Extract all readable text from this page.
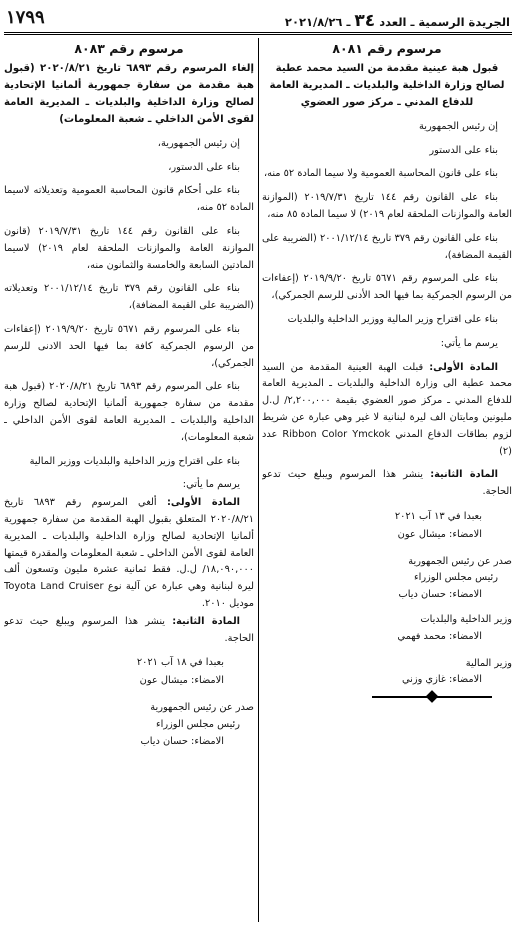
الجريدة الرسمية ـ العدد ٣٤ ـ ٢٠٢١/٨/٢٦
١٧٩٩
مرسوم رقم ٨٠٨١
قبول هبة عينية مقدمة من السيد محمد عطية لصالح وزارة الداخلية والبلديات ـ المديرية العامة للدفاع المدني ـ مركز صور العضوي

إن رئيس الجمهورية

بناء على الدستور

بناء على قانون المحاسبة العمومية ولا سيما المادة ٥٢ منه،

بناء على القانون رقم ١٤٤ تاريخ ٢٠١٩/٧/٣١ (الموازنة العامة والموازنات الملحقة لعام ٢٠١٩) لا سيما المادة ٨٥ منه،

بناء على القانون رقم ٣٧٩ تاريخ ٢٠٠١/١٢/١٤ (الضريبة على القيمة المضافة)،

بناء على المرسوم رقم ٥٦٧١ تاريخ ٢٠١٩/٩/٢٠ (إعفاءات من الرسوم الجمركية بما فيها الحد الأدنى للرسم الجمركي)،

بناء على اقتراح وزير المالية ووزير الداخلية والبلديات

يرسم ما يأتي:

المادة الأولى: قبلت الهبة العينية المقدمة من السيد محمد عطية الى وزارة الداخلية والبلديات ـ المديرية العامة للدفاع المدني ـ مركز صور العضوي بقيمة ٢,٢٠٠,٠٠٠/ ل.ل مليونين ومايتان الف ليرة لبنانية لا غير وهي عبارة عن شريط لزوم بطاقات الدفاع المدني Ribbon Color Ymckok عدد (٢)

المادة الثانية: ينشر هذا المرسوم ويبلغ حيث تدعو الحاجة.

بعبدا في ١٣ آب ٢٠٢١

الامضاء: ميشال عون

صدر عن رئيس الجمهورية

رئيس مجلس الوزراء

الامضاء: حسان دياب

وزير الداخلية والبلديات

الامضاء: محمد فهمي

وزير المالية

الامضاء: غازي وزني

مرسوم رقم ٨٠٨٣
إلغاء المرسوم رقم ٦٨٩٣ تاريخ ٢٠٢٠/٨/٢١ (قبول هبة مقدمة من سفارة جمهورية ألمانيا الإتحادية لصالح وزارة الداخلية والبلديات ـ المديرية العامة لقوى الأمن الداخلي ـ شعبة المعلومات)

إن رئيس الجمهورية،

بناء على الدستور،

بناء على أحكام قانون المحاسبة العمومية وتعديلاته لاسيما المادة ٥٢ منه،

بناء على القانون رقم ١٤٤ تاريخ ٢٠١٩/٧/٣١ (قانون الموازنة العامة والموازنات الملحقة لعام ٢٠١٩) لاسيما المادتين السابعة والخامسة والثمانون منه،

بناء على القانون رقم ٣٧٩ تاريخ ٢٠٠١/١٢/١٤ وتعديلاته (الضريبة على القيمة المضافة)،

بناء على المرسوم رقم ٥٦٧١ تاريخ ٢٠١٩/٩/٢٠ (إعفاءات من الرسوم الجمركية كافة بما فيها الحد الادنى للرسم الجمركي)،

بناء على المرسوم رقم ٦٨٩٣ تاريخ ٢٠٢٠/٨/٢١ (قبول هبة مقدمة من سفارة جمهورية ألمانيا الإتحادية لصالح وزارة الداخلية والبلديات ـ المديرية العامة لقوى الأمن الداخلي ـ شعبة المعلومات)،

بناء على اقتراح وزير الداخلية والبلديات ووزير المالية

يرسم ما يأتي:

المادة الأولى: ألغي المرسوم رقم ٦٨٩٣ تاريخ ٢٠٢٠/٨/٢١ المتعلق بقبول الهبة المقدمة من سفارة جمهورية ألمانيا الإتحادية لصالح وزارة الداخلية والبلديات ـ المديرية العامة لقوى الأمن الداخلي ـ شعبة المعلومات والمقدرة قيمتها ١٨,٠٩٠,٠٠٠/ ل.ل. فقط ثمانية عشرة مليون وتسعون ألف ليرة لبنانية وهي عبارة عن آلية نوع Toyota Land Cruiser موديل ٢٠١٠.

المادة الثانية: ينشر هذا المرسوم ويبلغ حيث تدعو الحاجة.

بعبدا في ١٨ آب ٢٠٢١

الامضاء: ميشال عون

صدر عن رئيس الجمهورية

رئيس مجلس الوزراء

الامضاء: حسان دياب
